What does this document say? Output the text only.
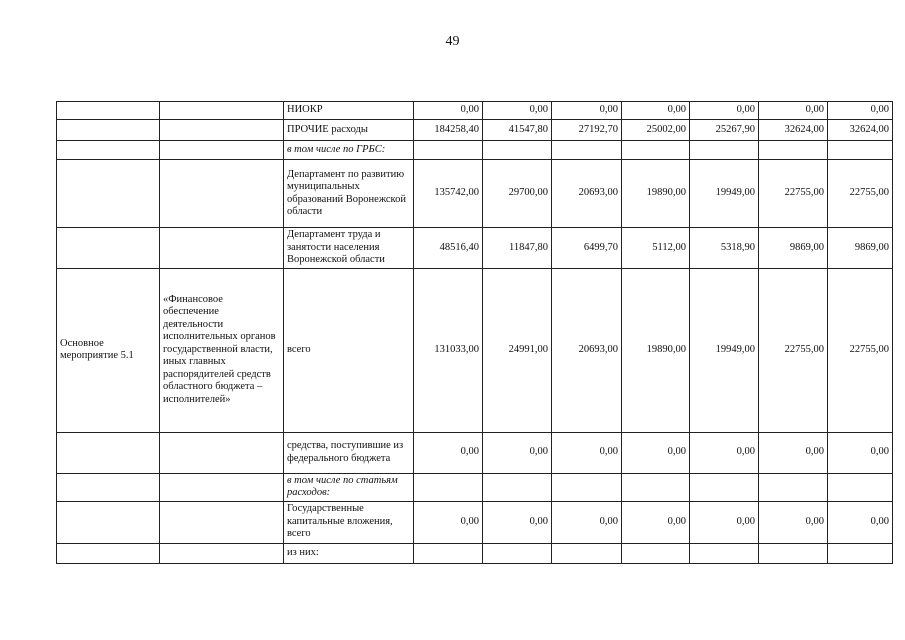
49
		НИОКР	0,00	0,00	0,00	0,00	0,00	0,00	0,00
		ПРОЧИЕ расходы	184258,40	41547,80	27192,70	25002,00	25267,90	32624,00	32624,00
		в том числе по ГРБС:							
		Департамент по развитию муниципальных образований Воронежской области	135742,00	29700,00	20693,00	19890,00	19949,00	22755,00	22755,00
		Департамент труда и занятости населения Воронежской области	48516,40	11847,80	6499,70	5112,00	5318,90	9869,00	9869,00
Основное мероприятие 5.1	«Финансовое обеспечение деятельности исполнительных органов государственной власти, иных главных распорядителей средств областного бюджета – исполнителей»	всего	131033,00	24991,00	20693,00	19890,00	19949,00	22755,00	22755,00
		средства, поступившие из федерального бюджета	0,00	0,00	0,00	0,00	0,00	0,00	0,00
		в том числе по статьям расходов:							
		Государственные капитальные вложения, всего	0,00	0,00	0,00	0,00	0,00	0,00	0,00
		из них:							
